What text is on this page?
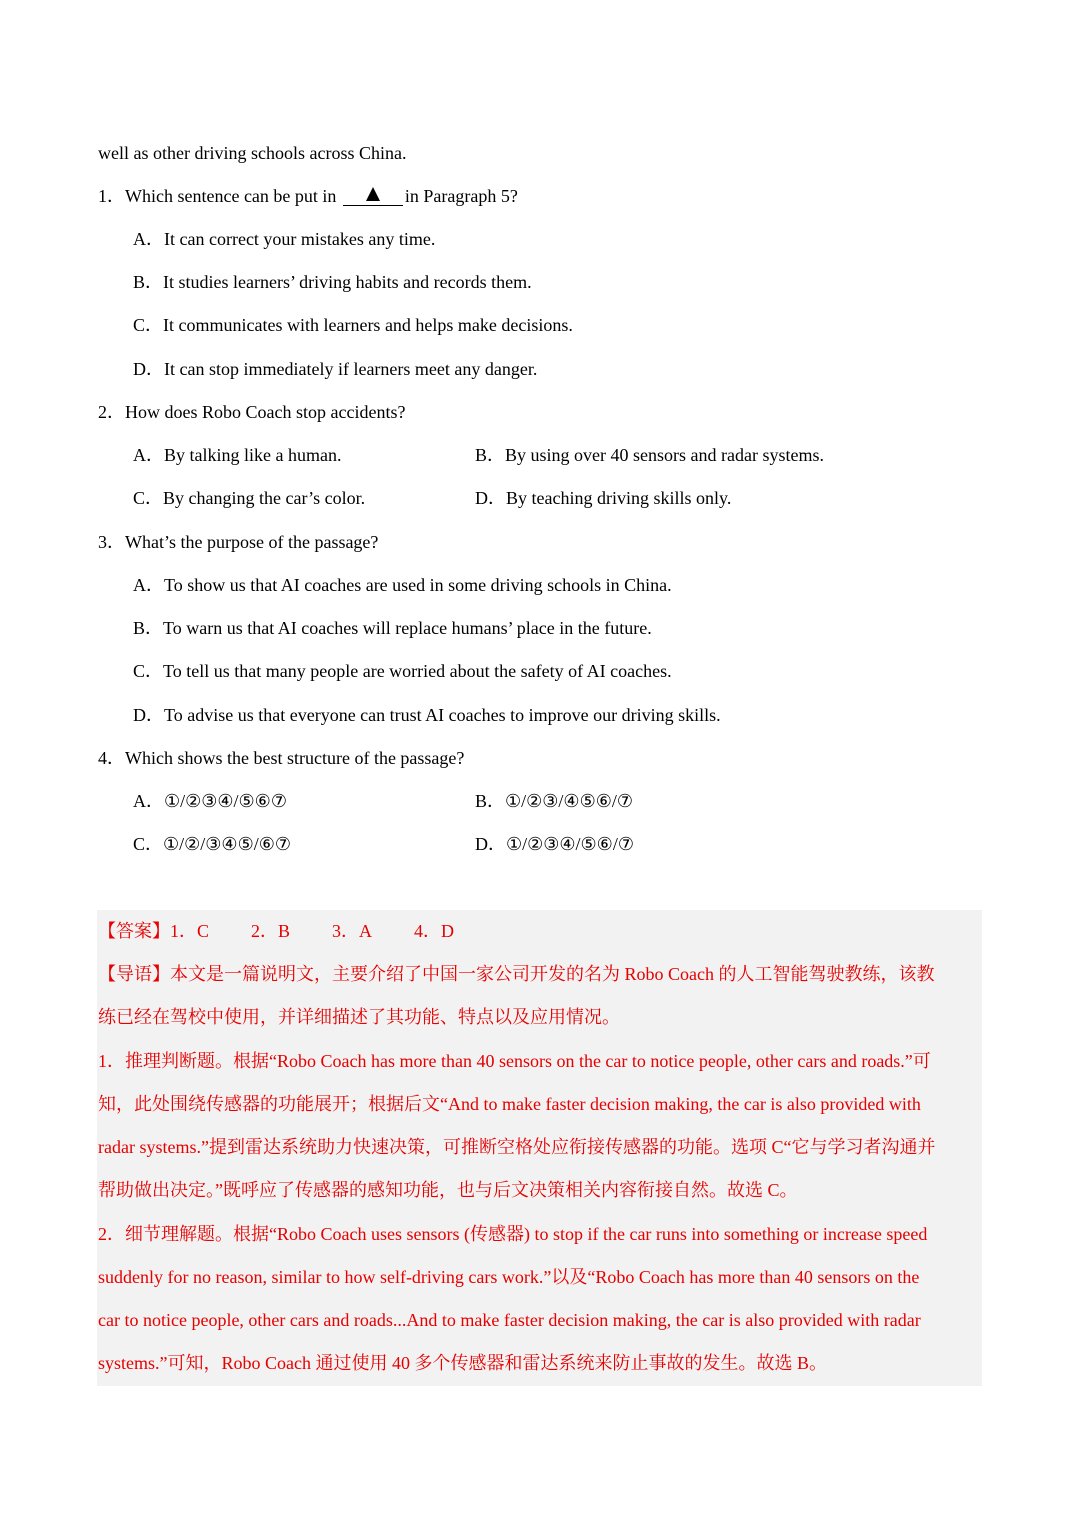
well as other driving schools across China.
1．Which sentence can be put in	in Paragraph 5?
A．It can correct your mistakes any time.
B．It studies learners’ driving habits and records them.
C．It communicates with learners and helps make decisions.
D．It can stop immediately if learners meet any danger.
2．How does Robo Coach stop accidents?
A．By talking like a human.	B．By using over 40 sensors and radar systems.
C．By changing the car’s color.	D．By teaching driving skills only.
3．What’s the purpose of the passage?
A．To show us that AI coaches are used in some driving schools in China.
B．To warn us that AI coaches will replace humans’ place in the future.
C．To tell us that many people are worried about the safety of AI coaches.
D．To advise us that everyone can trust AI coaches to improve our driving skills.
4．Which shows the best structure of the passage?
A．①/②③④/⑤⑥⑦	B．①/②③/④⑤⑥/⑦
C．①/②/③④⑤/⑥⑦	D．①/②③④/⑤⑥/⑦
【答案】1．C 2．B 3．A 4．D
【导语】本文是一篇说明文，主要介绍了中国一家公司开发的名为 Robo Coach 的人工智能驾驶教练，该教
练已经在驾校中使用，并详细描述了其功能、特点以及应用情况。
1．推理判断题。根据“Robo Coach has more than 40 sensors on the car to notice people, other cars and roads.”可
知，此处围绕传感器的功能展开；根据后文“And to make faster decision making, the car is also provided with
radar systems.”提到雷达系统助力快速决策，可推断空格处应衔接传感器的功能。选项 C“它与学习者沟通并
帮助做出决定。”既呼应了传感器的感知功能，也与后文决策相关内容衔接自然。故选 C。
2．细节理解题。根据“Robo Coach uses sensors (传感器) to stop if the car runs into something or increase speed
suddenly for no reason, similar to how self-driving cars work.”以及“Robo Coach has more than 40 sensors on the
car to notice people, other cars and roads...And to make faster decision making, the car is also provided with radar
systems.”可知，Robo Coach 通过使用 40 多个传感器和雷达系统来防止事故的发生。故选 B。
